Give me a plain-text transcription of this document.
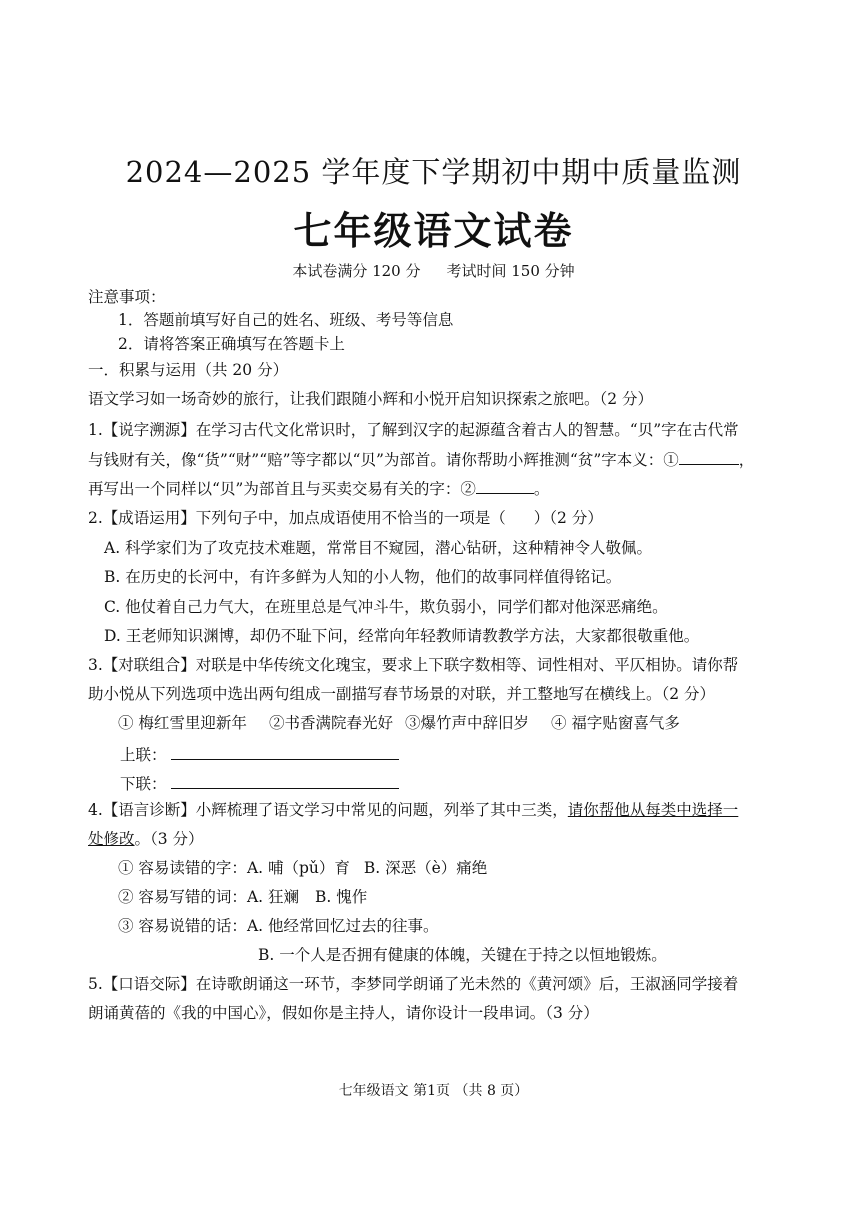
2024—2025 学年度下学期初中期中质量监测
七年级语文试卷
本试卷满分 120 分 考试时间 150 分钟
注意事项：
1．答题前填写好自己的姓名、班级、考号等信息
2．请将答案正确填写在答题卡上
一．积累与运用（共 20 分）
语文学习如一场奇妙的旅行，让我们跟随小辉和小悦开启知识探索之旅吧。（2 分）
1.【说字溯源】在学习古代文化常识时，了解到汉字的起源蕴含着古人的智慧。“贝”字在古代常
与钱财有关，像“货”“财”“赔”等字都以“贝”为部首。请你帮助小辉推测“贫”字本义：①	，
再写出一个同样以“贝”为部首且与买卖交易有关的字：②	。
2.【成语运用】下列句子中，加点成语使用不恰当的一项是（ ）（2 分）
A. 科学家们为了攻克技术难题，常常目不窥园，潜心钻研，这种精神令人敬佩。
B. 在历史的长河中，有许多鲜为人知的小人物，他们的故事同样值得铭记。
C. 他仗着自己力气大，在班里总是气冲斗牛，欺负弱小，同学们都对他深恶痛绝。
D. 王老师知识渊博，却仍不耻下问，经常向年轻教师请教教学方法，大家都很敬重他。
3.【对联组合】对联是中华传统文化瑰宝，要求上下联字数相等、词性相对、平仄相协。请你帮
助小悦从下列选项中选出两句组成一副描写春节场景的对联，并工整地写在横线上。（2 分）
① 梅红雪里迎新年 ②书香满院春光好 ③爆竹声中辞旧岁 ④ 福字贴窗喜气多
上联：
下联：
4.【语言诊断】小辉梳理了语文学习中常见的问题，列举了其中三类，请你帮他从每类中选择一
处修改。（3 分）
① 容易读错的字：A. 哺（pǔ）育 B. 深恶（è）痛绝
② 容易写错的词：A. 狂斓 B. 愧作
③ 容易说错的话：A. 他经常回忆过去的往事。
B. 一个人是否拥有健康的体魄，关键在于持之以恒地锻炼。
5.【口语交际】在诗歌朗诵这一环节，李梦同学朗诵了光未然的《黄河颂》后，王淑涵同学接着
朗诵黄蓓的《我的中国心》，假如你是主持人，请你设计一段串词。（3 分）
七年级语文 第1页 （共 8 页）
